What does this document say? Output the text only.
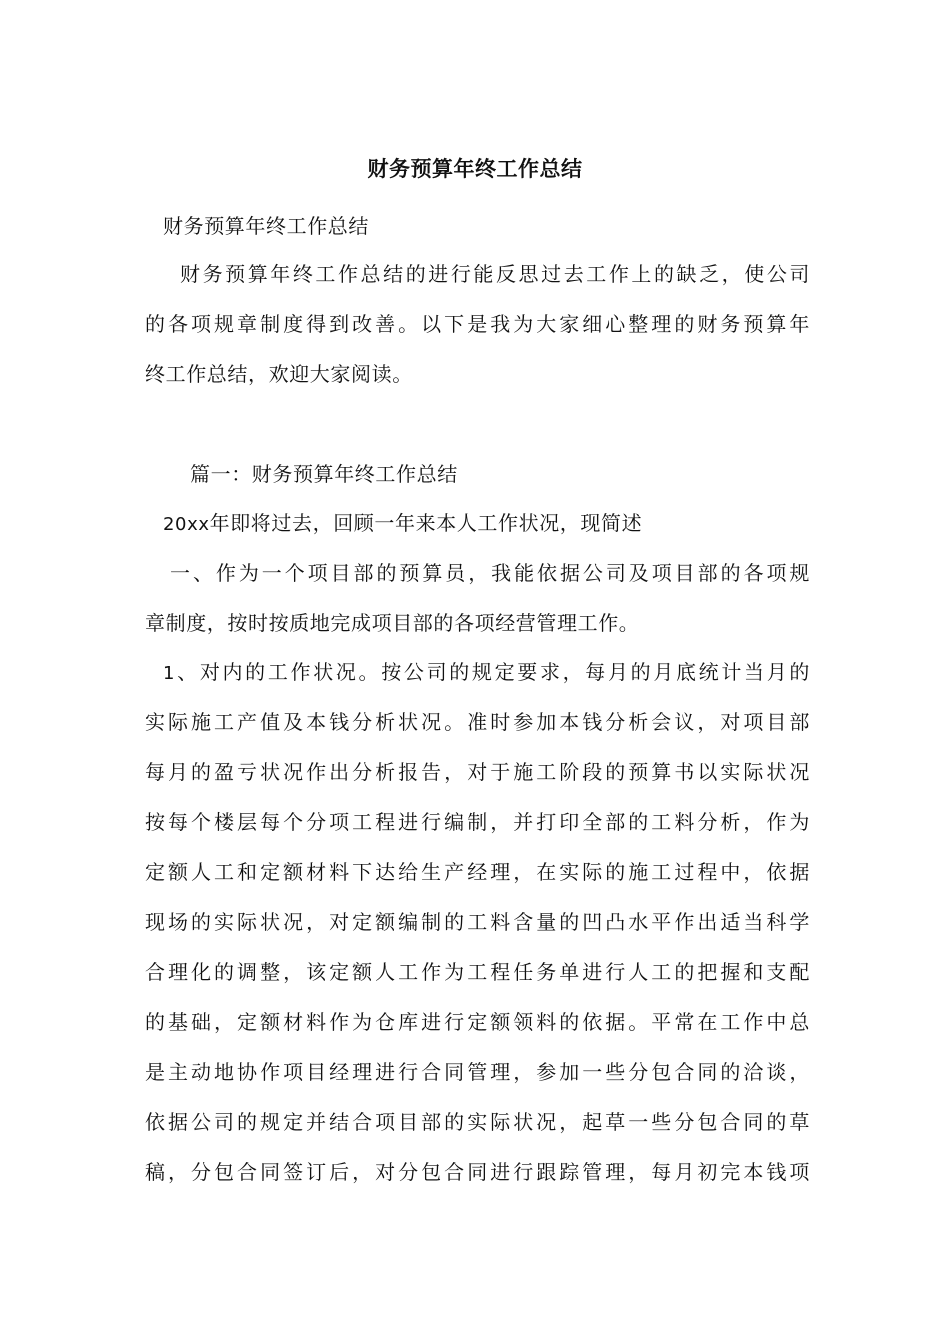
财务预算年终工作总结
财务预算年终工作总结
财务预算年终工作总结的进行能反思过去工作上的缺乏，使公司
的各项规章制度得到改善。以下是我为大家细心整理的财务预算年
终工作总结，欢迎大家阅读。
篇一：财务预算年终工作总结
20xx年即将过去，回顾一年来本人工作状况，现简述
一、作为一个项目部的预算员，我能依据公司及项目部的各项规
章制度，按时按质地完成项目部的各项经营管理工作。
1、对内的工作状况。按公司的规定要求，每月的月底统计当月的
实际施工产值及本钱分析状况。准时参加本钱分析会议，对项目部
每月的盈亏状况作出分析报告，对于施工阶段的预算书以实际状况
按每个楼层每个分项工程进行编制，并打印全部的工料分析，作为
定额人工和定额材料下达给生产经理，在实际的施工过程中，依据
现场的实际状况，对定额编制的工料含量的凹凸水平作出适当科学
合理化的调整，该定额人工作为工程任务单进行人工的把握和支配
的基础，定额材料作为仓库进行定额领料的依据。平常在工作中总
是主动地协作项目经理进行合同管理，参加一些分包合同的洽谈，
依据公司的规定并结合项目部的实际状况，起草一些分包合同的草
稿，分包合同签订后，对分包合同进行跟踪管理，每月初完本钱项
